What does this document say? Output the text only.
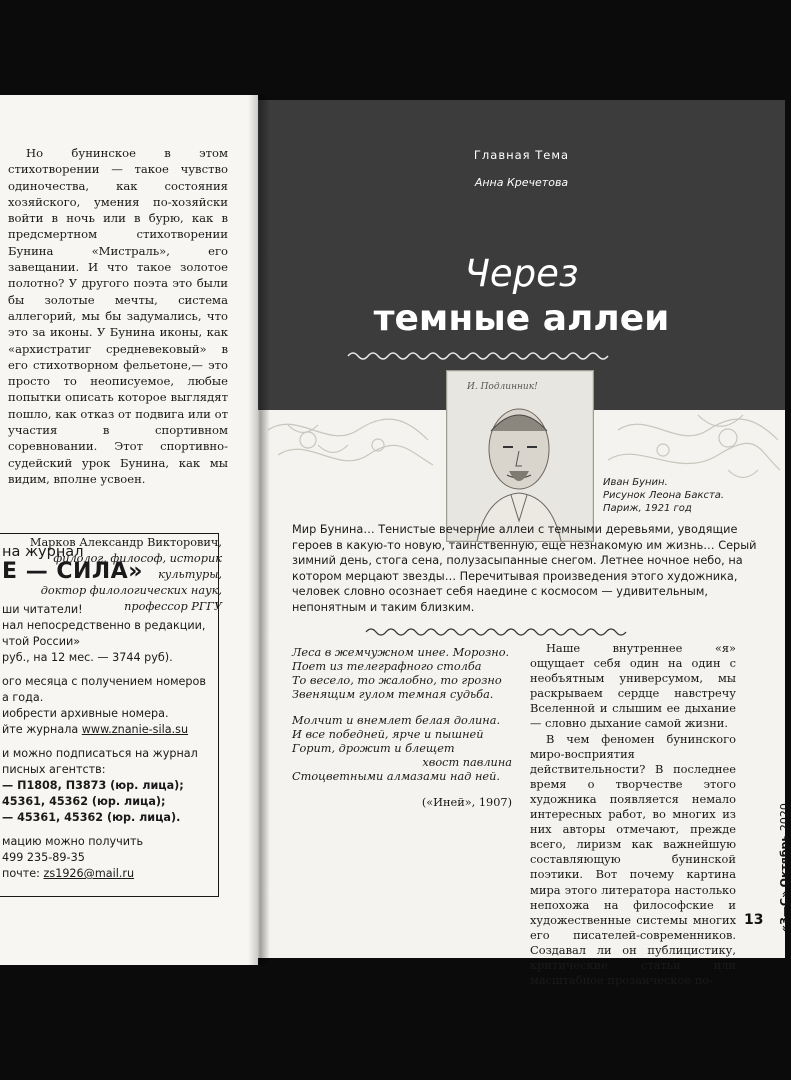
Но бунинское в этом стихотворении — такое чувство одиночества, как состояния хозяйского, умения по-хозяйски войти в ночь или в бурю, как в предсмертном стихотворении Бунина «Мистраль», его завещании. И что такое золотое полотно? У другого поэта это были бы золотые мечты, система аллегорий, мы бы задумались, что это за иконы. У Бунина иконы, как «архистратиг средневековый» в его стихотворном фельетоне,— это просто то неописуемое, любые попытки описать которое выглядят пошло, как отказ от подвига или от участия в спортивном соревновании. Этот спортивно-судейский урок Бунина, как мы видим, вполне усвоен.

Марков Александр Викторович,
филолог, философ, историк культуры,
доктор филологических наук,
профессор РГГУ
на журнал
Е — СИЛА»
ши читатели!
нал непосредственно в редакции,
чтой России»
руб., на 12 мес. — 3744 руб).
ого месяца с получением номеров
а года.
иобрести архивные номера.
йте журнала www.znanie-sila.su
и можно подписаться на журнал
писных агентств:
— П1808, П3873 (юр. лица);
45361, 45362 (юр. лица);
— 45361, 45362 (юр. лица).
мацию можно получить
499 235-89-35
почте: zs1926@mail.ru
Главная Тема
Анна Кречетова
Через
темные аллеи
И. Подлинник!
Иван Бунин.
Рисунок Леона Бакста.
Париж, 1921 год
Мир Бунина… Тенистые вечерние аллеи с темными деревьями, уводящие героев в какую-то новую, таинственную, еще незнакомую им жизнь… Серый зимний день, стога сена, полузасыпанные снегом. Летнее ночное небо, на котором мерцают звезды… Перечитывая произведения этого художника, человек словно осознает себя наедине с космосом — удивительным, непонятным и таким близким.
Леса в жемчужном инее. Морозно.
Поет из телеграфного столба
То весело, то жалобно, то грозно
Звенящим гулом темная судьба.
Молчит и внемлет белая долина.
И все победней, ярче и пышней
Горит, дрожит и блещет
хвост павлина
Стоцветными алмазами над ней.
(«Иней», 1907)

Наше внутреннее «я» ощущает себя один на один с необъятным универсумом, мы раскрываем сердце навстречу Вселенной и слышим ее дыхание — словно дыхание самой жизни.

В чем феномен бунинского миро-восприятия действительности? В последнее время о творчестве этого художника появляется немало интересных работ, во многих из них авторы отмечают, прежде всего, лиризм как важнейшую составляющую бунинской поэтики. Вот почему картина мира этого литератора настолько непохожа на философские и художественные системы многих его писателей-современников. Создавал ли он публицистику, критические статьи или масштабное прозаическое по-

«З—С» Октябрь 2020
13
